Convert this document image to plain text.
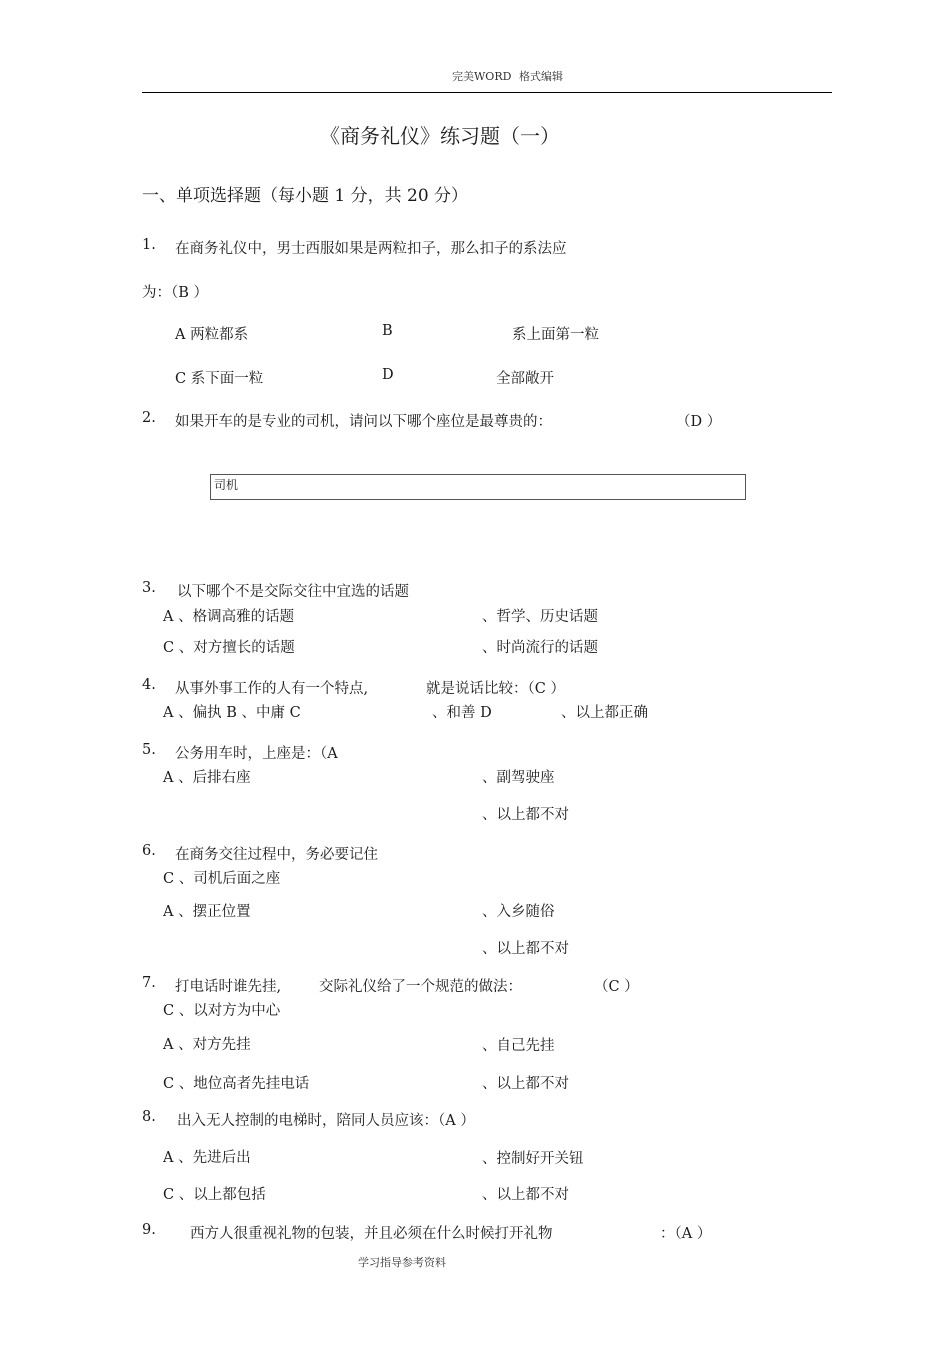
完美WORD 格式编辑
《商务礼仪》练习题（一）
一、单项选择题（每小题 1 分，共 20 分）
1. 在商务礼仪中，男士西服如果是两粒扣子，那么扣子的系法应
为：（B ）
A 两粒都系	B	系上面第一粒
C 系下面一粒	D	全部敞开
2. 如果开车的是专业的司机，请问以下哪个座位是最尊贵的：	（D ）
司机
3. 以下哪个不是交际交往中宜选的话题
A 、格调高雅的话题	、哲学、历史话题
C 、对方擅长的话题	、时尚流行的话题
4. 从事外事工作的人有一个特点,	就是说话比较：（C ）
A 、偏执 B 、中庸 C	、和善 D	、以上都正确
5. 公务用车时，上座是：（A
A 、后排右座	、副驾驶座
、以上都不对
6. 在商务交往过程中，务必要记住
C 、司机后面之座
A 、摆正位置	、入乡随俗
、以上都不对
7. 打电话时谁先挂,	交际礼仪给了一个规范的做法：	（C ）
C 、以对方为中心
A 、对方先挂	、自己先挂
C 、地位高者先挂电话	、以上都不对
8. 出入无人控制的电梯时，陪同人员应该：（A ）
A 、先进后出	、控制好开关钮
C 、以上都包括	、以上都不对
9. 西方人很重视礼物的包装，并且必须在什么时候打开礼物	：（A ）
学习指导参考资料
